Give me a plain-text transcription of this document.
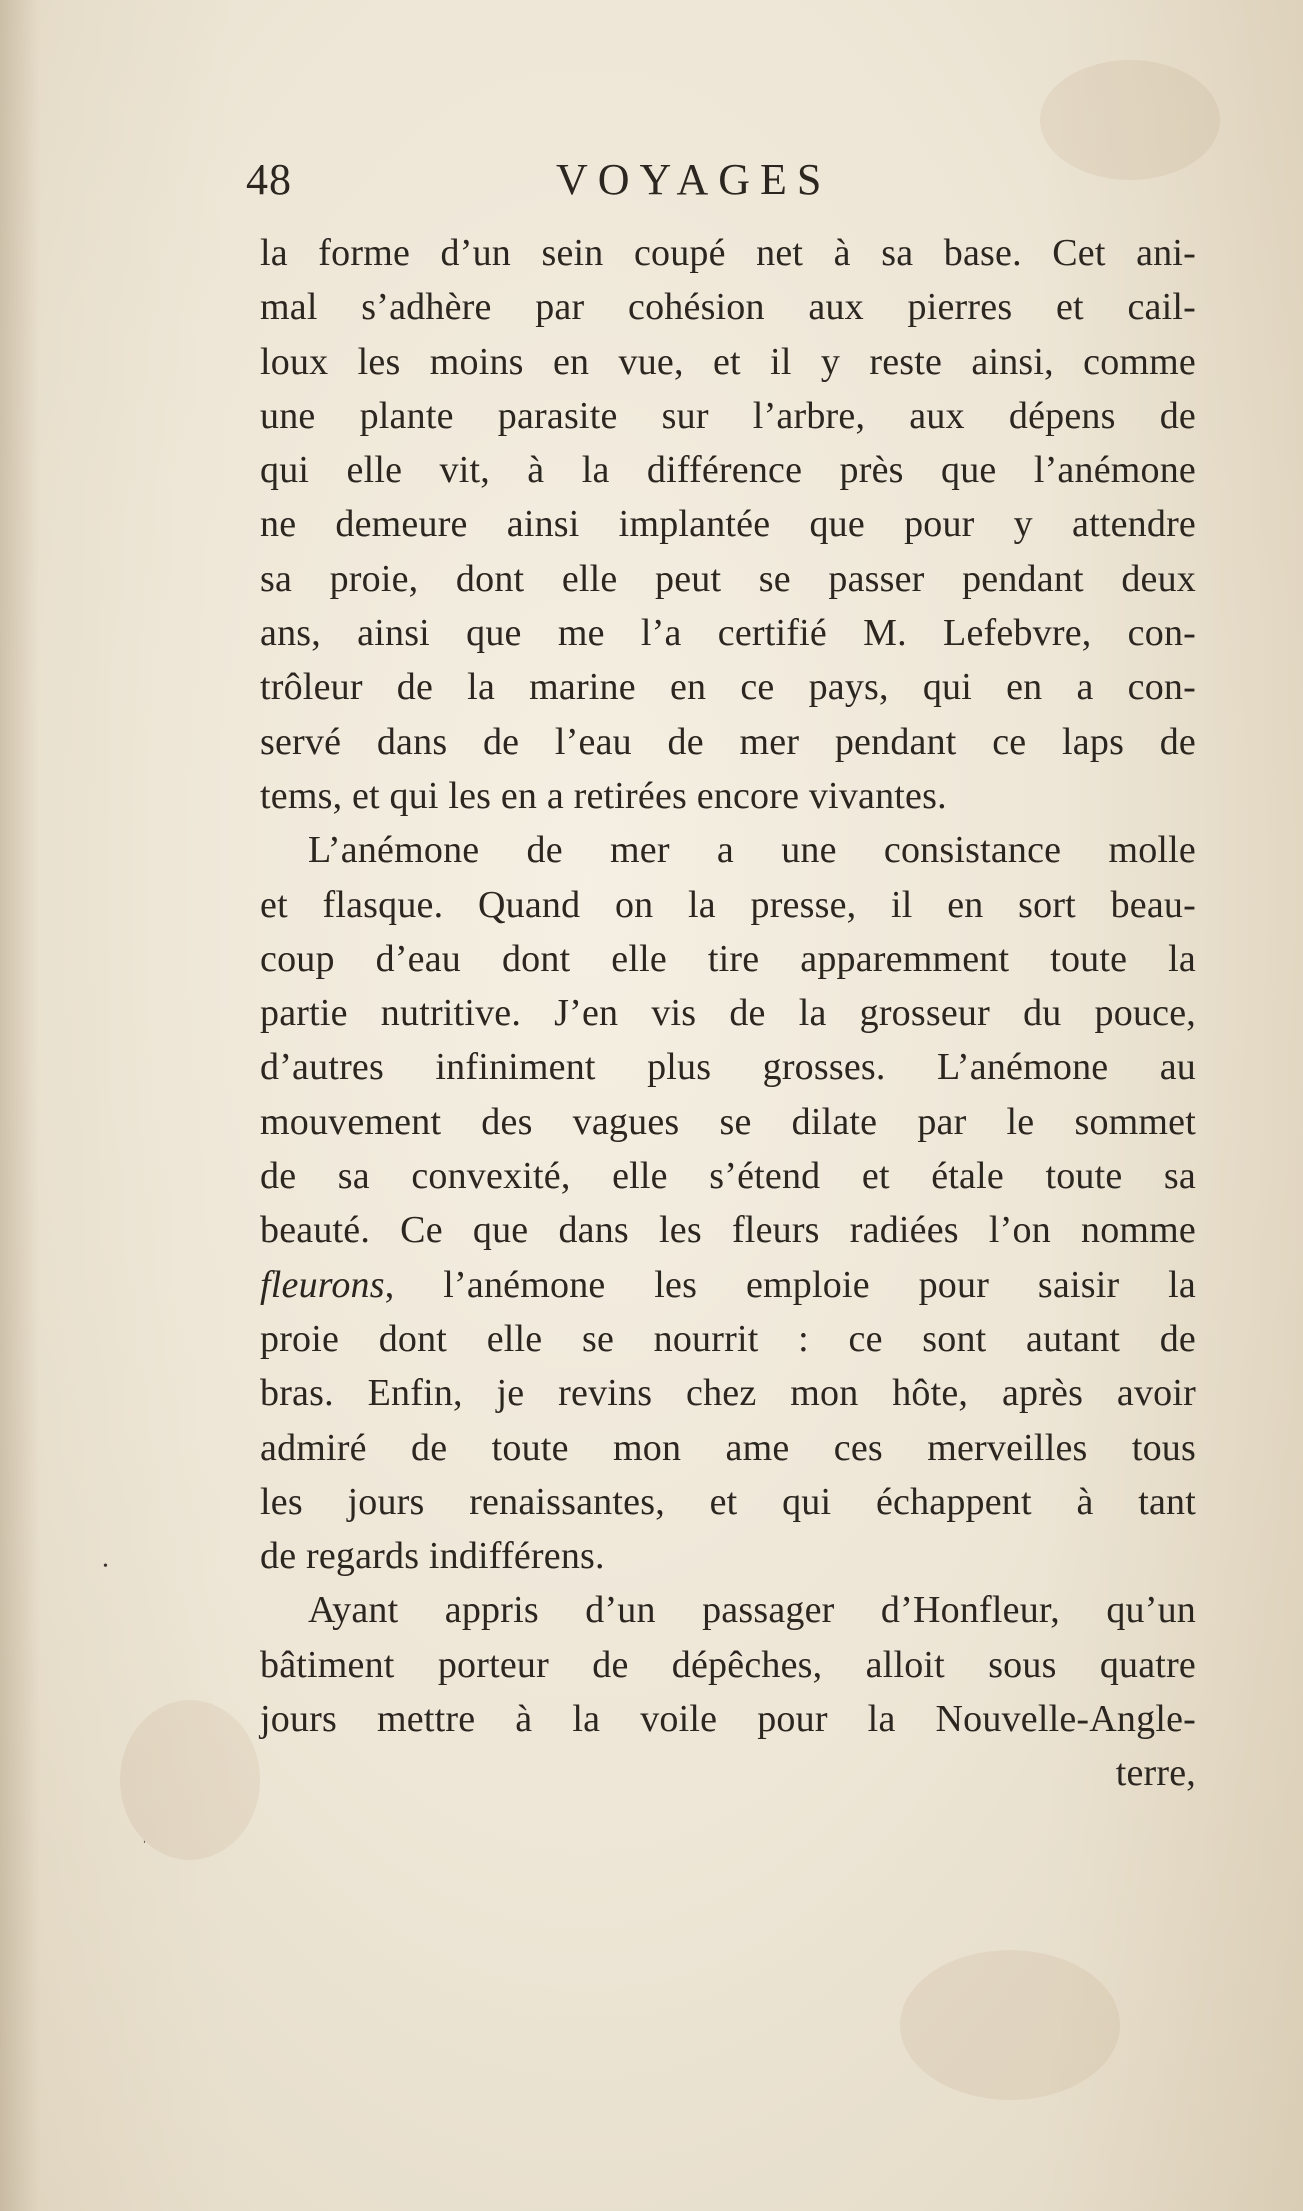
•
ˌ
48	VOYAGES
la forme d’un sein coupé net à sa base. Cet ani-
mal s’adhère par cohésion aux pierres et cail-
loux les moins en vue, et il y reste ainsi, comme
une plante parasite sur l’arbre, aux dépens de
qui elle vit, à la différence près que l’anémone
ne demeure ainsi implantée que pour y attendre
sa proie, dont elle peut se passer pendant deux
ans, ainsi que me l’a certifié M. Lefebvre, con-
trôleur de la marine en ce pays, qui en a con-
servé dans de l’eau de mer pendant ce laps de
tems, et qui les en a retirées encore vivantes.
L’anémone de mer a une consistance molle
et flasque. Quand on la presse, il en sort beau-
coup d’eau dont elle tire apparemment toute la
partie nutritive. J’en vis de la grosseur du pouce,
d’autres infiniment plus grosses. L’anémone au
mouvement des vagues se dilate par le sommet
de sa convexité, elle s’étend et étale toute sa
beauté. Ce que dans les fleurs radiées l’on nomme
fleurons, l’anémone les emploie pour saisir la
proie dont elle se nourrit : ce sont autant de
bras. Enfin, je revins chez mon hôte, après avoir
admiré de toute mon ame ces merveilles tous
les jours renaissantes, et qui échappent à tant
de regards indifférens.
Ayant appris d’un passager d’Honfleur, qu’un
bâtiment porteur de dépêches, alloit sous quatre
jours mettre à la voile pour la Nouvelle-Angle-
terre,
